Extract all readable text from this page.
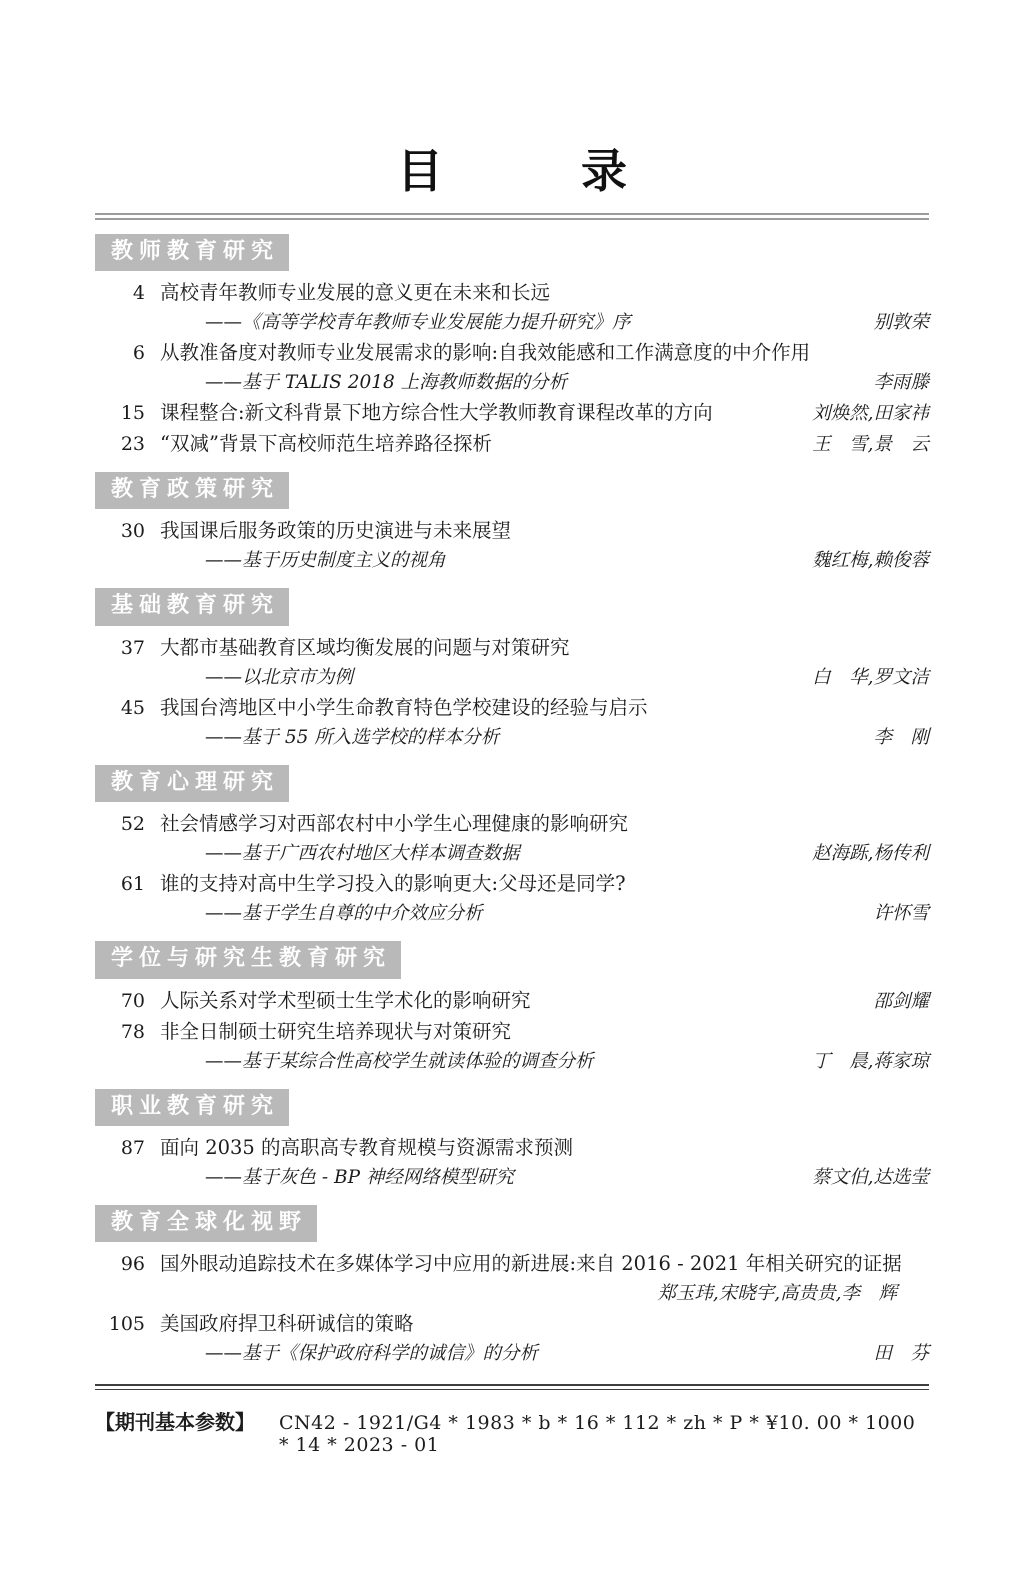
目　　　录
教师教育研究
4 高校青年教师专业发展的意义更在未来和长远
——《高等学校青年教师专业发展能力提升研究》序	别敦荣
6 从教准备度对教师专业发展需求的影响:自我效能感和工作满意度的中介作用
——基于 TALIS 2018 上海教师数据的分析	李雨滕
15 课程整合:新文科背景下地方综合性大学教师教育课程改革的方向	刘焕然,田家祎
23 “双减”背景下高校师范生培养路径探析	王　雪,景　云
教育政策研究
30 我国课后服务政策的历史演进与未来展望
——基于历史制度主义的视角	魏红梅,赖俊蓉
基础教育研究
37 大都市基础教育区域均衡发展的问题与对策研究
——以北京市为例	白　华,罗文洁
45 我国台湾地区中小学生命教育特色学校建设的经验与启示
——基于 55 所入选学校的样本分析	李　刚
教育心理研究
52 社会情感学习对西部农村中小学生心理健康的影响研究
——基于广西农村地区大样本调查数据	赵海跞,杨传利
61 谁的支持对高中生学习投入的影响更大:父母还是同学?
——基于学生自尊的中介效应分析	许怀雪
学位与研究生教育研究
70 人际关系对学术型硕士生学术化的影响研究	邵剑耀
78 非全日制硕士研究生培养现状与对策研究
——基于某综合性高校学生就读体验的调查分析	丁　晨,蒋家琼
职业教育研究
87 面向 2035 的高职高专教育规模与资源需求预测
——基于灰色 - BP 神经网络模型研究	蔡文伯,达选莹
教育全球化视野
96 国外眼动追踪技术在多媒体学习中应用的新进展:来自 2016 - 2021 年相关研究的证据
郑玉玮,宋晓宇,高贵贵,李　辉
105 美国政府捍卫科研诚信的策略
——基于《保护政府科学的诚信》的分析	田　芬
【期刊基本参数】	CN42 - 1921/G4 * 1983 * b * 16 * 112 * zh * P * ¥10. 00 * 1000 * 14 * 2023 - 01
